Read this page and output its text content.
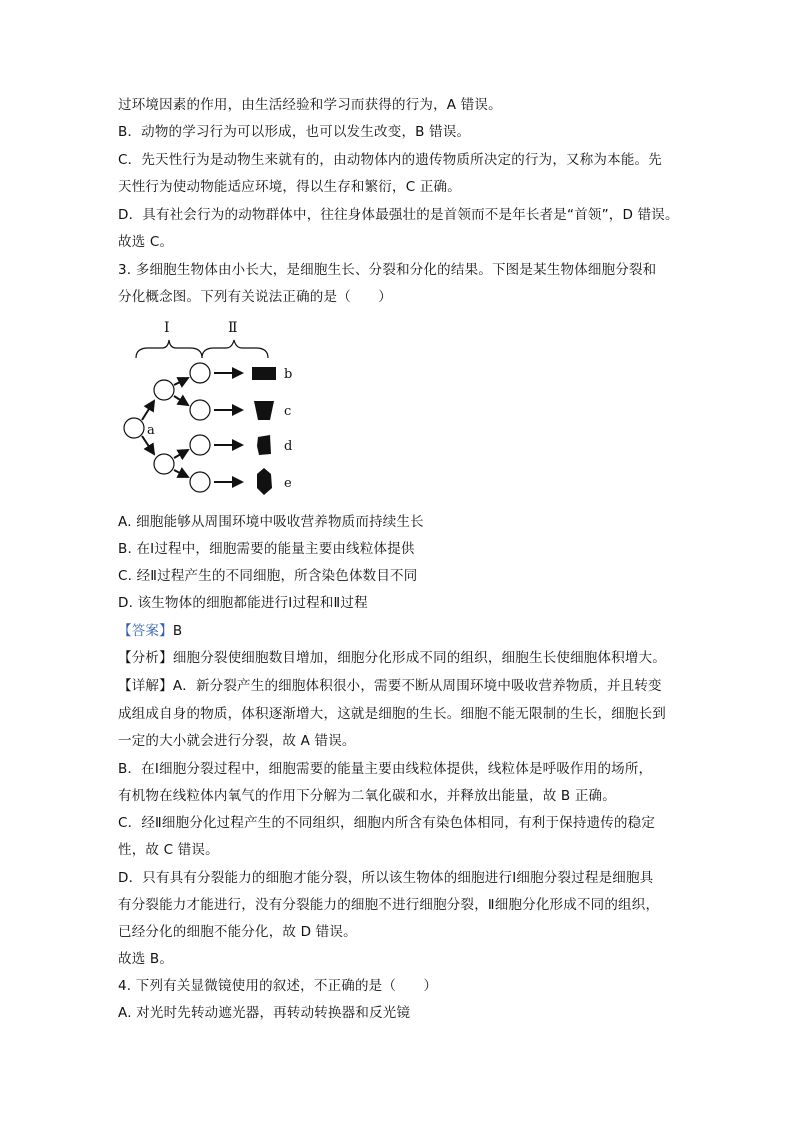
过环境因素的作用，由生活经验和学习而获得的行为，A 错误。
B．动物的学习行为可以形成，也可以发生改变，B 错误。
C．先天性行为是动物生来就有的，由动物体内的遗传物质所决定的行为，又称为本能。先
天性行为使动物能适应环境，得以生存和繁衍，C 正确。
D．具有社会行为的动物群体中，往往身体最强壮的是首领而不是年长者是“首领”，D 错误。
故选 C。
3. 多细胞生物体由小长大，是细胞生长、分裂和分化的结果。下图是某生物体细胞分裂和
分化概念图。下列有关说法正确的是（　　）
Ⅰ	Ⅱ
a
b
c
d
e
A. 细胞能够从周围环境中吸收营养物质而持续生长
B. 在Ⅰ过程中，细胞需要的能量主要由线粒体提供
C. 经Ⅱ过程产生的不同细胞，所含染色体数目不同
D. 该生物体的细胞都能进行Ⅰ过程和Ⅱ过程
【答案】B
【分析】细胞分裂使细胞数目增加，细胞分化形成不同的组织，细胞生长使细胞体积增大。
【详解】A．新分裂产生的细胞体积很小，需要不断从周围环境中吸收营养物质，并且转变
成组成自身的物质，体积逐渐增大，这就是细胞的生长。细胞不能无限制的生长，细胞长到
一定的大小就会进行分裂，故 A 错误。
B．在Ⅰ细胞分裂过程中，细胞需要的能量主要由线粒体提供，线粒体是呼吸作用的场所，
有机物在线粒体内氧气的作用下分解为二氧化碳和水，并释放出能量，故 B 正确。
C．经Ⅱ细胞分化过程产生的不同组织，细胞内所含有染色体相同，有利于保持遗传的稳定
性，故 C 错误。
D．只有具有分裂能力的细胞才能分裂，所以该生物体的细胞进行Ⅰ细胞分裂过程是细胞具
有分裂能力才能进行，没有分裂能力的细胞不进行细胞分裂，Ⅱ细胞分化形成不同的组织，
已经分化的细胞不能分化，故 D 错误。
故选 B。
4. 下列有关显微镜使用的叙述，不正确的是（　　）
A. 对光时先转动遮光器，再转动转换器和反光镜
